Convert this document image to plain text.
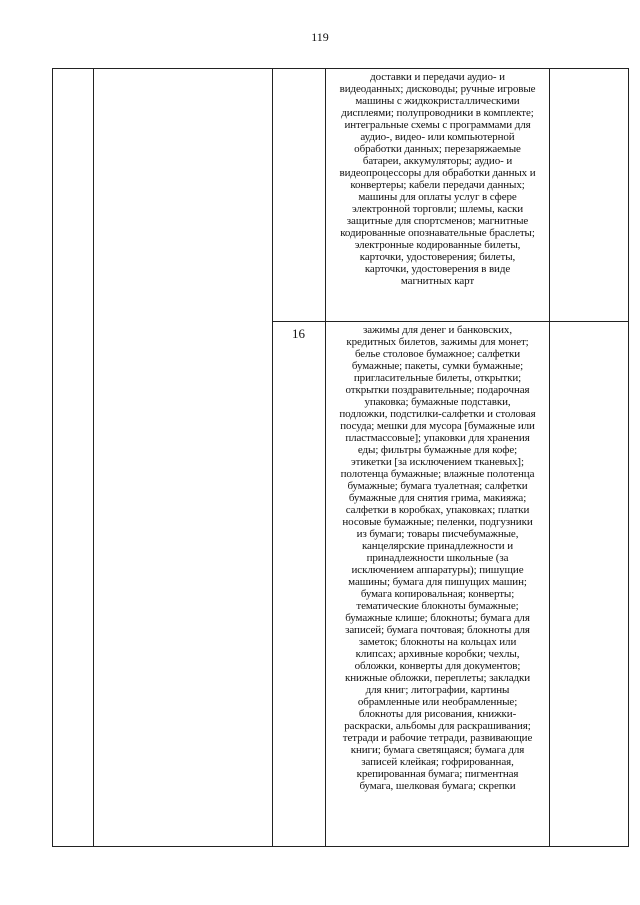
119
доставки и передачи аудио- и
видеоданных; дисководы; ручные игровые
машины с жидкокристаллическими
дисплеями; полупроводники в комплекте;
интегральные схемы с программами для
аудио-, видео- или компьютерной
обработки данных; перезаряжаемые
батареи, аккумуляторы; аудио- и
видеопроцессоры для обработки данных и
конвертеры; кабели передачи данных;
машины для оплаты услуг в сфере
электронной торговли; шлемы, каски
защитные для спортсменов; магнитные
кодированные опознавательные браслеты;
электронные кодированные билеты,
карточки, удостоверения; билеты,
карточки, удостоверения в виде
магнитных карт
16	зажимы для денег и банковских,
кредитных билетов, зажимы для монет;
белье столовое бумажное; салфетки
бумажные; пакеты, сумки бумажные;
пригласительные билеты, открытки;
открытки поздравительные; подарочная
упаковка; бумажные подставки,
подложки, подстилки-салфетки и столовая
посуда; мешки для мусора [бумажные или
пластмассовые]; упаковки для хранения
еды; фильтры бумажные для кофе;
этикетки [за исключением тканевых];
полотенца бумажные; влажные полотенца
бумажные; бумага туалетная; салфетки
бумажные для снятия грима, макияжа;
салфетки в коробках, упаковках; платки
носовые бумажные; пеленки, подгузники
из бумаги; товары писчебумажные,
канцелярские принадлежности и
принадлежности школьные (за
исключением аппаратуры); пишущие
машины; бумага для пишущих машин;
бумага копировальная; конверты;
тематические блокноты бумажные;
бумажные клише; блокноты; бумага для
записей; бумага почтовая; блокноты для
заметок; блокноты на кольцах или
клипсах; архивные коробки; чехлы,
обложки, конверты для документов;
книжные обложки, переплеты; закладки
для книг; литографии, картины
обрамленные или необрамленные;
блокноты для рисования, книжки-
раскраски, альбомы для раскрашивания;
тетради и рабочие тетради, развивающие
книги; бумага светящаяся; бумага для
записей клейкая; гофрированная,
крепированная бумага; пигментная
бумага, шелковая бумага; скрепки
